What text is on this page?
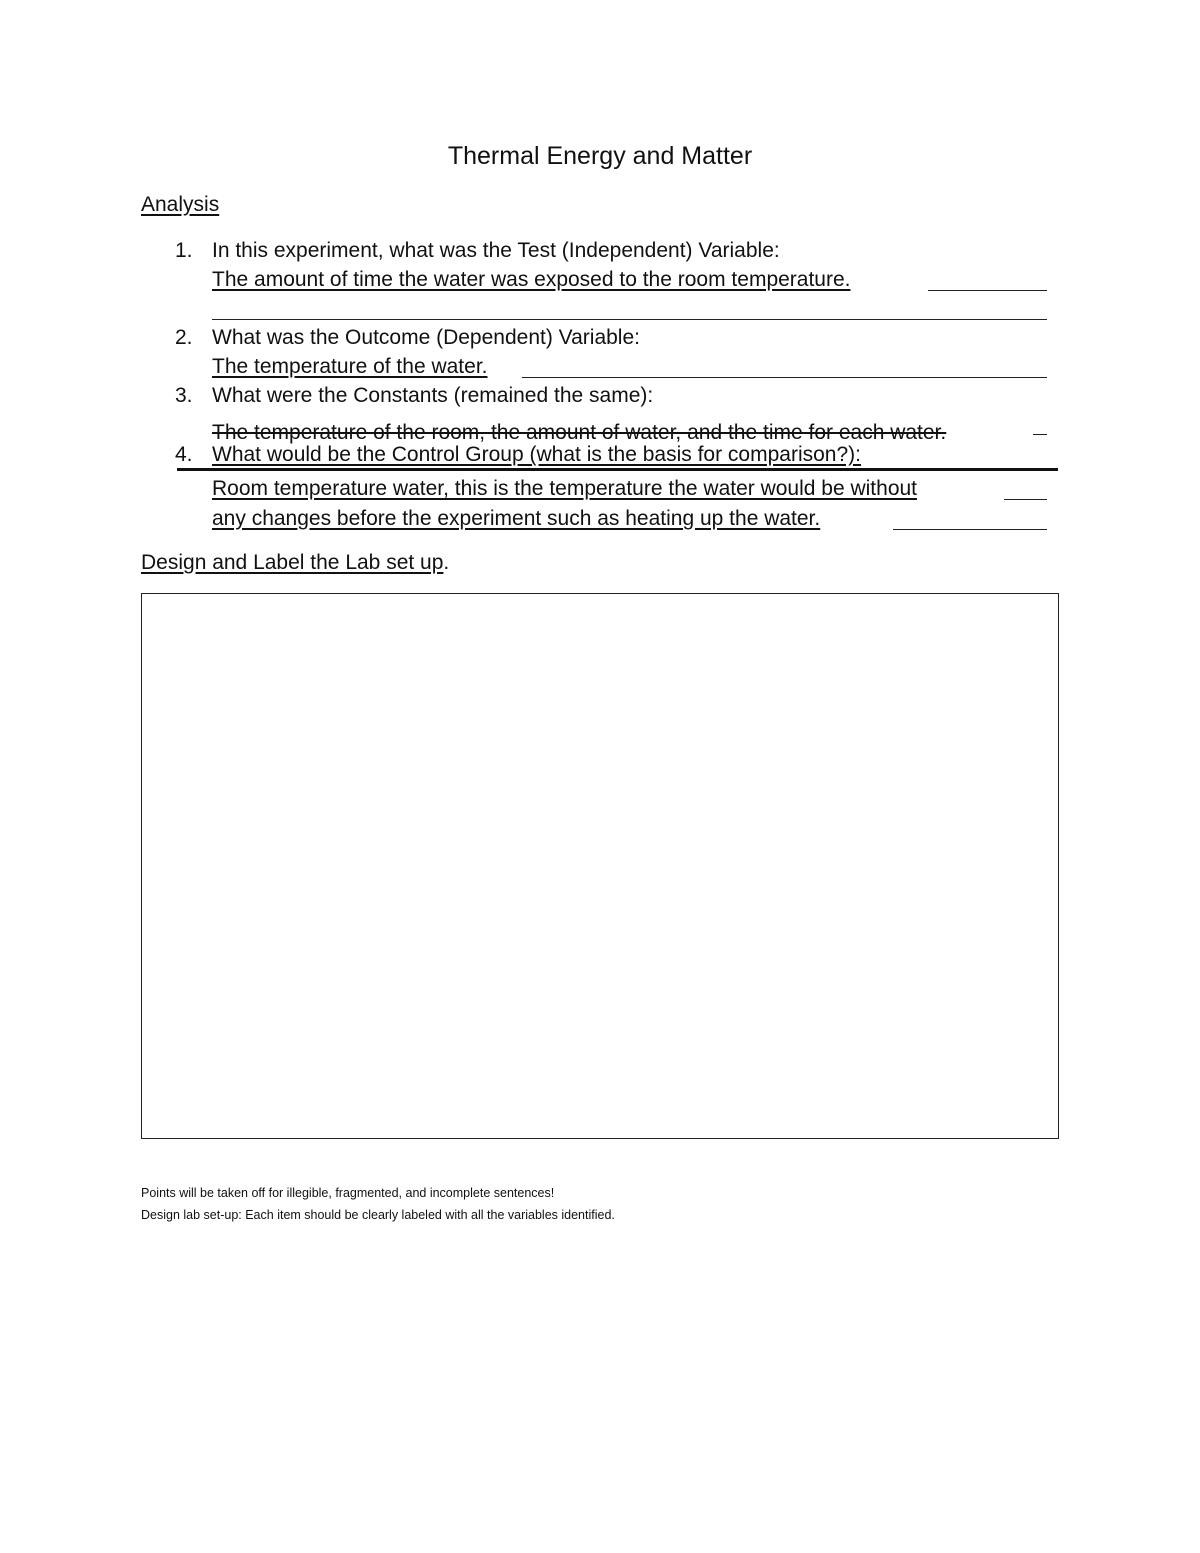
Thermal Energy and Matter
Analysis
1. In this experiment, what was the Test (Independent) Variable:
The amount of time the water was exposed to the room temperature.
2. What was the Outcome (Dependent) Variable:
The temperature of the water.
3. What were the Constants (remained the same):
The temperature of the room, the amount of water, and the time for each water.
4. What would be the Control Group (what is the basis for comparison?):
Room temperature water, this is the temperature the water would be without
any changes before the experiment such as heating up the water.
Design and Label the Lab set up.
Points will be taken off for illegible, fragmented, and incomplete sentences!
Design lab set-up: Each item should be clearly labeled with all the variables identified.
